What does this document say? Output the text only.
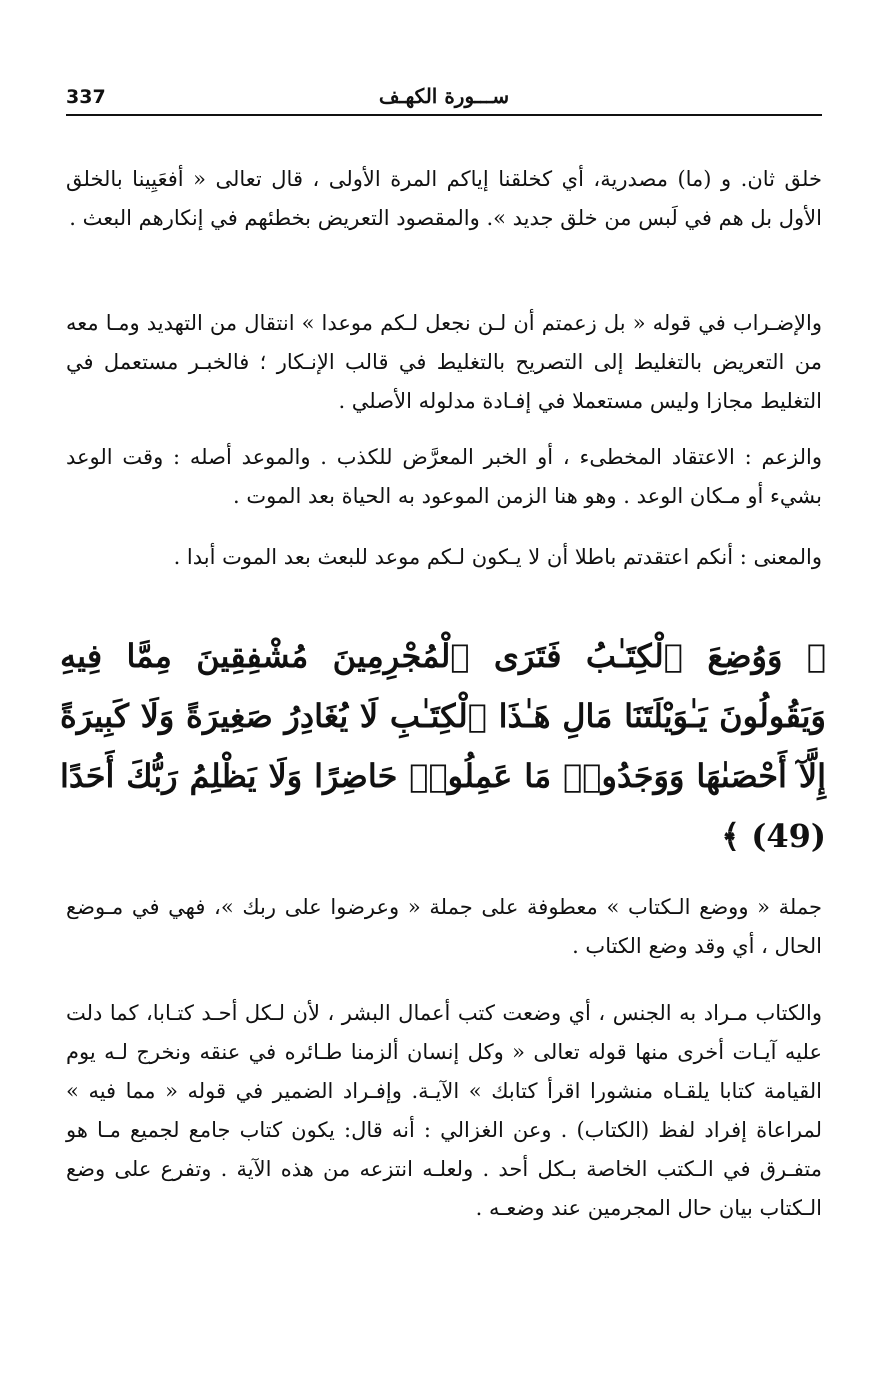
337	ســـورة الكهـف

خلق ثان. و (ما) مصدرية، أي كخلقنا إياكم المرة الأولى ، قال تعالى « أفعَيِينا بالخلق الأول بل هم في لَبس من خلق جديد ». والمقصود التعريض بخطئهم في إنكارهم البعث .

والإضـراب في قوله « بل زعمتم أن لـن نجعل لـكم موعدا » انتقال من التهديد ومـا معه من التعريض بالتغليط إلى التصريح بالتغليط في قالب الإنـكار ؛ فالخبـر مستعمل في التغليط مجازا وليس مستعملا في إفـادة مدلوله الأصلي .

والزعم : الاعتقاد المخطىء ، أو الخبر المعرَّض للكذب . والموعد أصله : وقت الوعد بشيء أو مـكان الوعد . وهو هنا الزمن الموعود به الحياة بعد الموت .

والمعنى : أنكم اعتقدتم باطلا أن لا يـكون لـكم موعد للبعث بعد الموت أبدا .

﴿ وَوُضِعَ ٱلْكِتَـٰبُ فَتَرَى ٱلْمُجْرِمِينَ مُشْفِقِينَ مِمَّا فِيهِ وَيَقُولُونَ يَـٰوَيْلَتَنَا مَالِ هَـٰذَا ٱلْكِتَـٰبِ لَا يُغَادِرُ صَغِيرَةً وَلَا كَبِيرَةً إِلَّآ أَحْصَىٰهَا وَوَجَدُوا۟ مَا عَمِلُوا۟ حَاضِرًا وَلَا يَظْلِمُ رَبُّكَ أَحَدًا (49) ﴾

جملة « ووضع الـكتاب » معطوفة على جملة « وعرضوا على ربك »، فهي في مـوضع الحال ، أي وقد وضع الكتاب .

والكتاب مـراد به الجنس ، أي وضعت كتب أعمال البشر ، لأن لـكل أحـد كتـابا، كما دلت عليه آيـات أخرى منها قوله تعالى « وكل إنسان ألزمنا طـائره في عنقه ونخرج لـه يوم القيامة كتابا يلقـاه منشورا اقرأ كتابك » الآيـة. وإفـراد الضمير في قوله « مما فيه » لمراعاة إفراد لفظ (الكتاب) . وعن الغزالي : أنه قال: يكون كتاب جامع لجميع مـا هو متفـرق في الـكتب الخاصة بـكل أحد . ولعلـه انتزعه من هذه الآية . وتفرع على وضع الـكتاب بيان حال المجرمين عند وضعـه .
